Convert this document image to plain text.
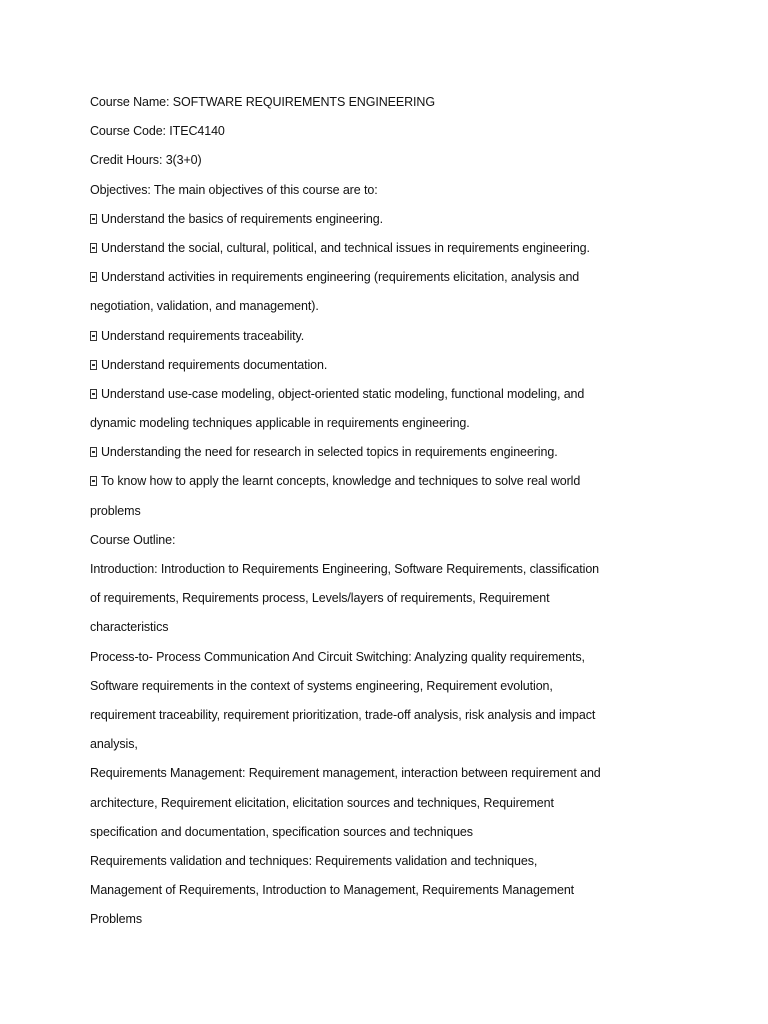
Course Name: SOFTWARE REQUIREMENTS ENGINEERING
Course Code: ITEC4140
Credit Hours: 3(3+0)
Objectives: The main objectives of this course are to:
Understand the basics of requirements engineering.
Understand the social, cultural, political, and technical issues in requirements engineering.
Understand activities in requirements engineering (requirements elicitation, analysis and
negotiation, validation, and management).
Understand requirements traceability.
Understand requirements documentation.
Understand use-case modeling, object-oriented static modeling, functional modeling, and
dynamic modeling techniques applicable in requirements engineering.
Understanding the need for research in selected topics in requirements engineering.
To know how to apply the learnt concepts, knowledge and techniques to solve real world
problems
Course Outline:
Introduction: Introduction to Requirements Engineering, Software Requirements, classification
of requirements, Requirements process, Levels/layers of requirements, Requirement
characteristics
Process-to- Process Communication And Circuit Switching: Analyzing quality requirements,
Software requirements in the context of systems engineering, Requirement evolution,
requirement traceability, requirement prioritization, trade-off analysis, risk analysis and impact
analysis,
Requirements Management: Requirement management, interaction between requirement and
architecture, Requirement elicitation, elicitation sources and techniques, Requirement
specification and documentation, specification sources and techniques
Requirements validation and techniques: Requirements validation and techniques,
Management of Requirements, Introduction to Management, Requirements Management
Problems
